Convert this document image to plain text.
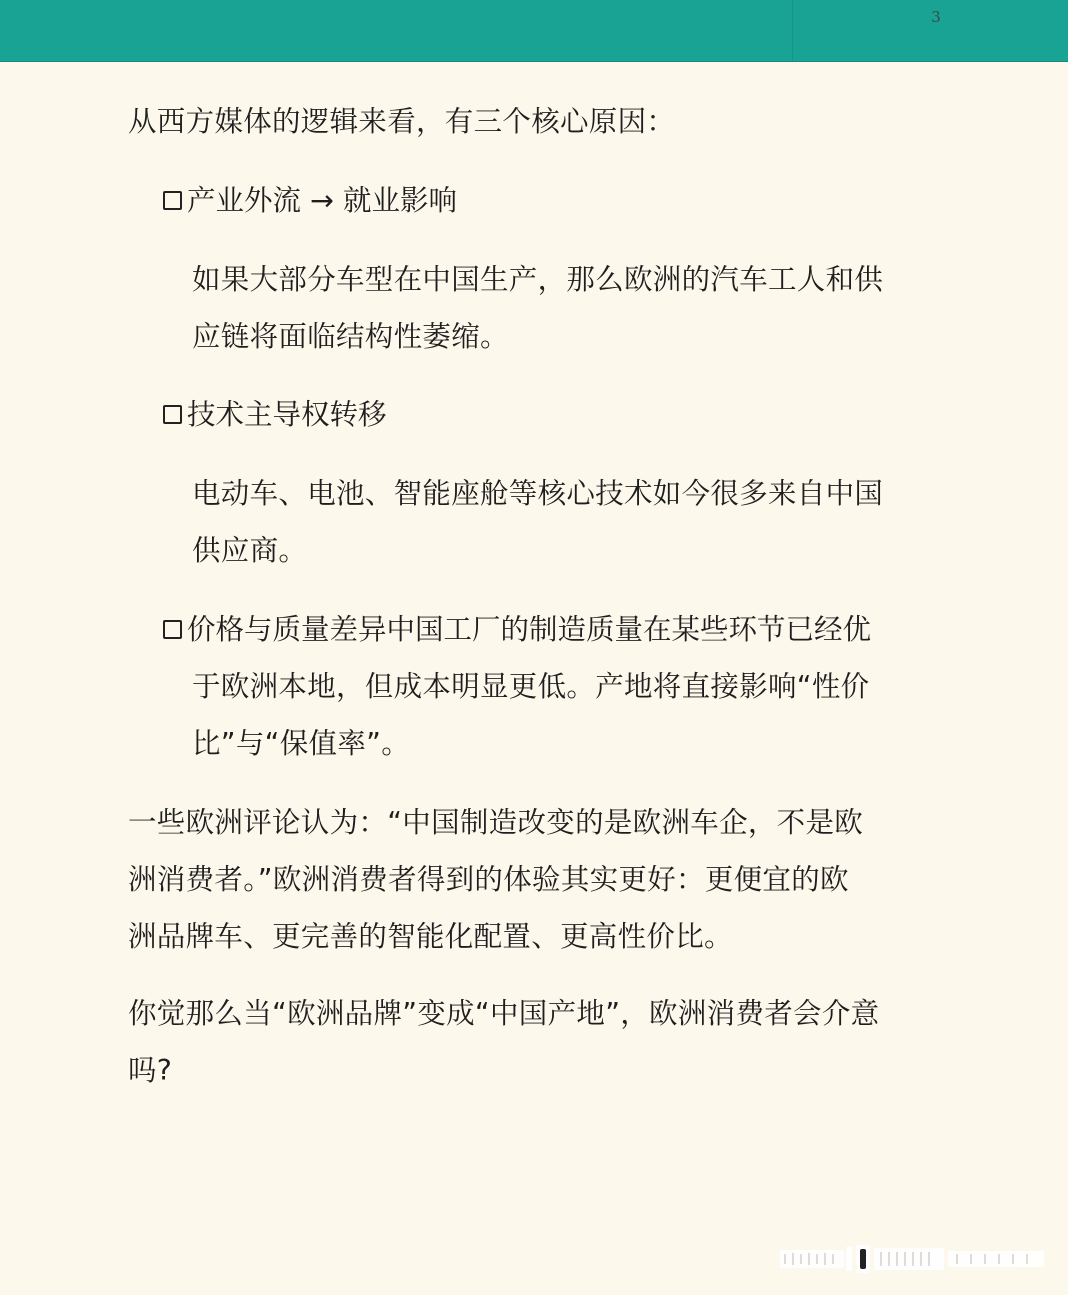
3

从西方媒体的逻辑来看，有三个核心原因：

产业外流 → 就业影响

如果大部分车型在中国生产，那么欧洲的汽车工人和供
应链将面临结构性萎缩。

技术主导权转移

电动车、电池、智能座舱等核心技术如今很多来自中国
供应商。

价格与质量差异中国工厂的制造质量在某些环节已经优

于欧洲本地，但成本明显更低。产地将直接影响“性价
比”与“保值率”。

一些欧洲评论认为：“中国制造改变的是欧洲车企，不是欧
洲消费者。”欧洲消费者得到的体验其实更好：更便宜的欧
洲品牌车、更完善的智能化配置、更高性价比。

你觉那么当“欧洲品牌”变成“中国产地”，欧洲消费者会介意
吗?
